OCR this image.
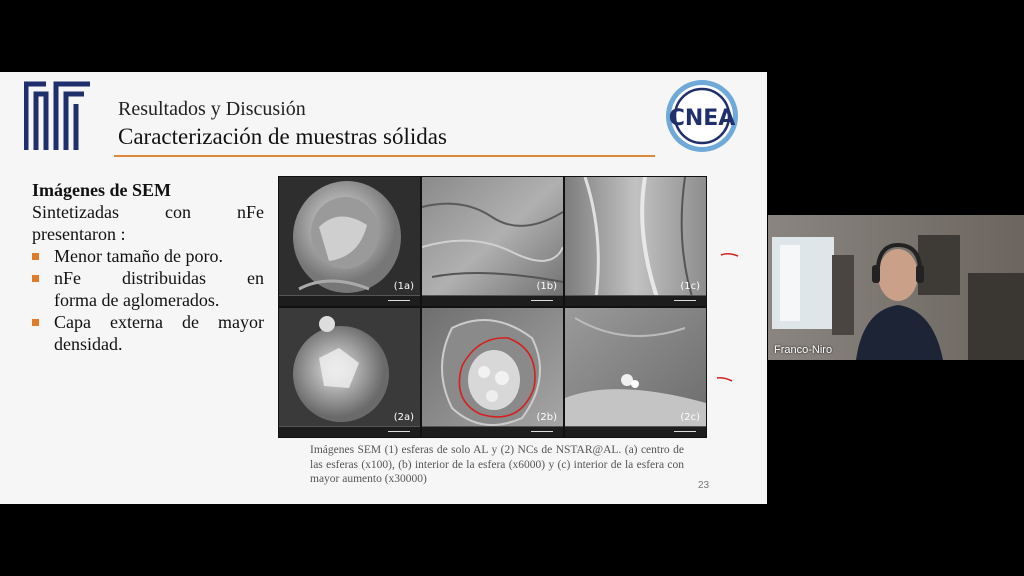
CNEA
Resultados y Discusión
Caracterización de muestras sólidas
Imágenes de SEM
Sintetizadas	con	nFe
presentaron :
Menor tamaño de poro.
nFe distribuidas en
forma de aglomerados.
Capa externa de mayor
densidad.
(1a)	(1b)	(1c)
(2a)	(2b)	(2c)
Imágenes SEM (1) esferas de solo AL y (2) NCs de NSTAR@AL. (a) centro de las esferas (x100), (b) interior de la esfera (x6000) y (c) interior de la esfera con mayor aumento (x30000)
23
Franco-Niro
